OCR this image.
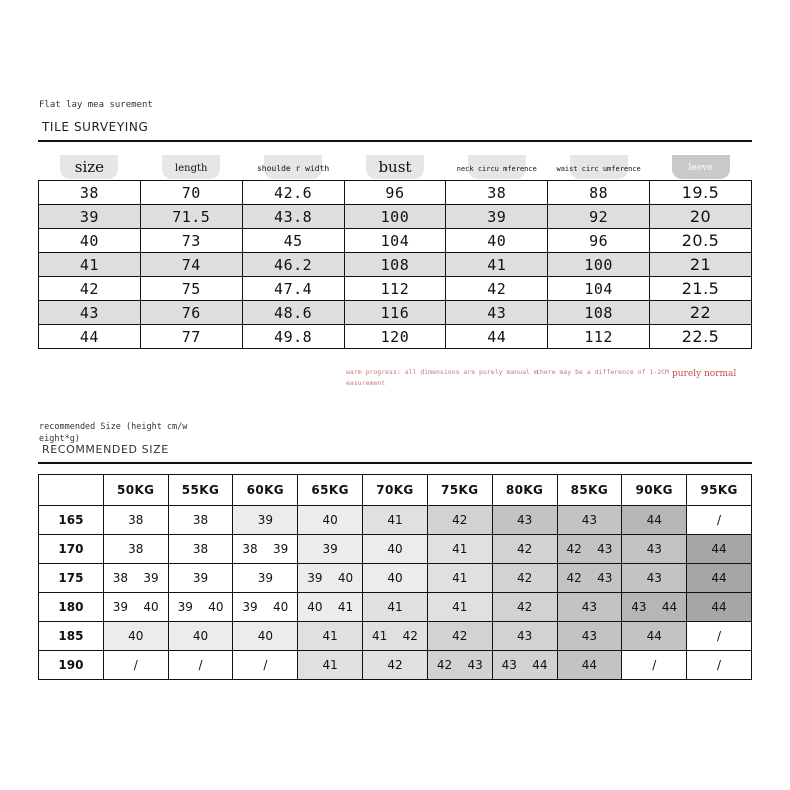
Flat lay mea surement
TILE SURVEYING
size	length	shoulde r width	bust	neck circu mference	waist circ umference	leeve

38	70	42.6	96	38	88	19.5
39	71.5	43.8	100	39	92	20
40	73	45	104	40	96	20.5
41	74	46.2	108	41	100	21
42	75	47.4	112	42	104	21.5
43	76	48.6	116	43	108	22
44	77	49.8	120	44	112	22.5
warm progress: all dimensions are purely manual m easurement
there may be a difference of 1-2CM purely normal
recommended Size (height cm/w eight*g)
RECOMMENDED SIZE
	50KG	55KG	60KG	65KG	70KG	75KG	80KG	85KG	90KG	95KG
165	38	38	39	40	41	42	43	43	44	/
170	38	38	38 39	39	40	41	42	42 43	43	44
175	38 39	39	39	39 40	40	41	42	42 43	43	44
180	39 40	39 40	39 40	40 41	41	41	42	43	43 44	44
185	40	40	40	41	41 42	42	43	43	44	/
190	/	/	/	41	42	42 43	43 44	44	/	/
